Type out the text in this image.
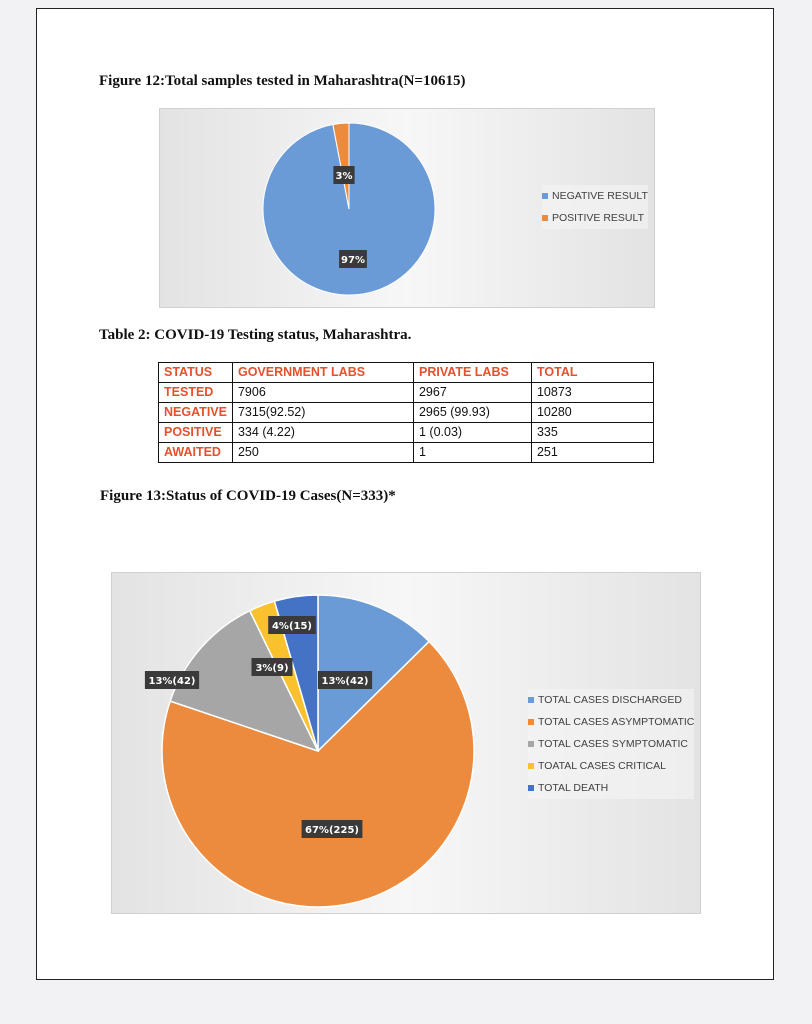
Figure 12:Total samples tested in Maharashtra(N=10615)
97%
3%
NEGATIVE RESULT
POSITIVE RESULT
Table 2: COVID-19 Testing status, Maharashtra.
13%(42)
67%(225)
13%(42)
3%(9)
4%(15)
TOTAL CASES DISCHARGED
TOTAL CASES ASYMPTOMATIC
TOTAL CASES SYMPTOMATIC
TOATAL CASES CRITICAL
TOTAL DEATH
STATUS	GOVERNMENT LABS	PRIVATE LABS	TOTAL
TESTED	7906	2967	10873
NEGATIVE	7315(92.52)	2965 (99.93)	10280
POSITIVE	334 (4.22)	1 (0.03)	335
AWAITED	250	1	251
Figure 13:Status of COVID-19 Cases(N=333)*
